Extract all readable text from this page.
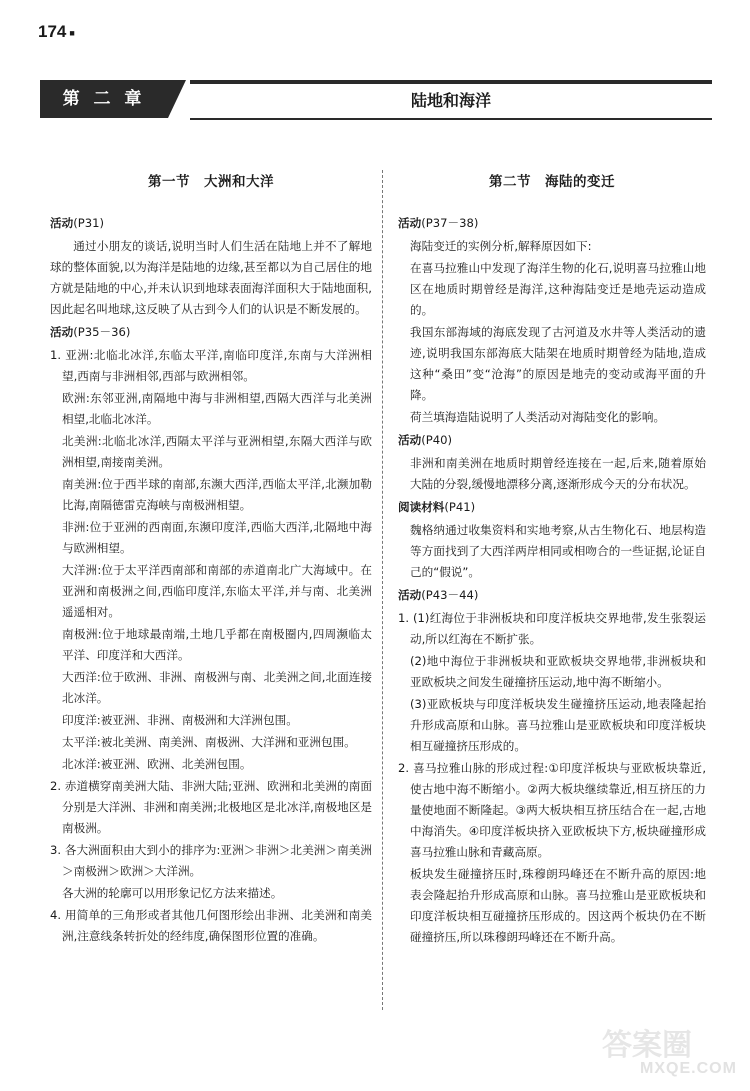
174 ■
第 二 章	陆地和海洋
第一节　大洲和大洋
活动(P31)
通过小朋友的谈话,说明当时人们生活在陆地上并不了解地球的整体面貌,以为海洋是陆地的边缘,甚至都以为自己居住的地方就是陆地的中心,并未认识到地球表面海洋面积大于陆地面积,因此起名叫地球,这反映了从古到今人们的认识是不断发展的。
活动(P35－36)
1. 亚洲:北临北冰洋,东临太平洋,南临印度洋,东南与大洋洲相望,西南与非洲相邻,西部与欧洲相邻。
欧洲:东邻亚洲,南隔地中海与非洲相望,西隔大西洋与北美洲相望,北临北冰洋。
北美洲:北临北冰洋,西隔太平洋与亚洲相望,东隔大西洋与欧洲相望,南接南美洲。
南美洲:位于西半球的南部,东濒大西洋,西临太平洋,北濒加勒比海,南隔德雷克海峡与南极洲相望。
非洲:位于亚洲的西南面,东濒印度洋,西临大西洋,北隔地中海与欧洲相望。
大洋洲:位于太平洋西南部和南部的赤道南北广大海域中。在亚洲和南极洲之间,西临印度洋,东临太平洋,并与南、北美洲遥遥相对。
南极洲:位于地球最南端,土地几乎都在南极圈内,四周濒临太平洋、印度洋和大西洋。
大西洋:位于欧洲、非洲、南极洲与南、北美洲之间,北面连接北冰洋。
印度洋:被亚洲、非洲、南极洲和大洋洲包围。
太平洋:被北美洲、南美洲、南极洲、大洋洲和亚洲包围。
北冰洋:被亚洲、欧洲、北美洲包围。
2. 赤道横穿南美洲大陆、非洲大陆;亚洲、欧洲和北美洲的南面分别是大洋洲、非洲和南美洲;北极地区是北冰洋,南极地区是南极洲。
3. 各大洲面积由大到小的排序为:亚洲＞非洲＞北美洲＞南美洲＞南极洲＞欧洲＞大洋洲。
各大洲的轮廓可以用形象记忆方法来描述。
4. 用简单的三角形或者其他几何图形绘出非洲、北美洲和南美洲,注意线条转折处的经纬度,确保图形位置的准确。
第二节　海陆的变迁
活动(P37－38)
海陆变迁的实例分析,解释原因如下:
在喜马拉雅山中发现了海洋生物的化石,说明喜马拉雅山地区在地质时期曾经是海洋,这种海陆变迁是地壳运动造成的。
我国东部海域的海底发现了古河道及水井等人类活动的遗迹,说明我国东部海底大陆架在地质时期曾经为陆地,造成这种“桑田”变“沧海”的原因是地壳的变动或海平面的升降。
荷兰填海造陆说明了人类活动对海陆变化的影响。
活动(P40)
非洲和南美洲在地质时期曾经连接在一起,后来,随着原始大陆的分裂,缓慢地漂移分离,逐渐形成今天的分布状况。
阅读材料(P41)
魏格纳通过收集资料和实地考察,从古生物化石、地层构造等方面找到了大西洋两岸相同或相吻合的一些证据,论证自己的“假说”。
活动(P43－44)
1. (1)红海位于非洲板块和印度洋板块交界地带,发生张裂运动,所以红海在不断扩张。
(2)地中海位于非洲板块和亚欧板块交界地带,非洲板块和亚欧板块之间发生碰撞挤压运动,地中海不断缩小。
(3)亚欧板块与印度洋板块发生碰撞挤压运动,地表隆起抬升形成高原和山脉。喜马拉雅山是亚欧板块和印度洋板块相互碰撞挤压形成的。
2. 喜马拉雅山脉的形成过程:①印度洋板块与亚欧板块靠近,使古地中海不断缩小。②两大板块继续靠近,相互挤压的力量使地面不断隆起。③两大板块相互挤压结合在一起,古地中海消失。④印度洋板块挤入亚欧板块下方,板块碰撞形成喜马拉雅山脉和青藏高原。
板块发生碰撞挤压时,珠穆朗玛峰还在不断升高的原因:地表会隆起抬升形成高原和山脉。喜马拉雅山是亚欧板块和印度洋板块相互碰撞挤压形成的。因这两个板块仍在不断碰撞挤压,所以珠穆朗玛峰还在不断升高。
答案圈
MXQE.COM
